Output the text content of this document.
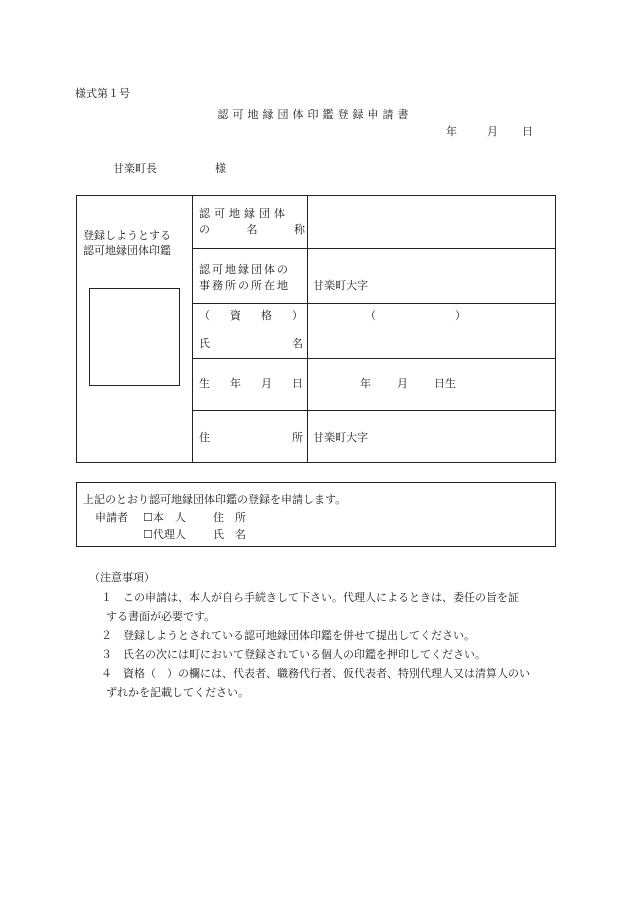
様式第１号
認可地縁団体印鑑登録申請書
年	月 日
甘楽町長	様
登録しようとする
認可地縁団体印鑑
認可地縁団体
の	名	称
認可地縁団体の
事務所の所在地 甘楽町大字
（ 資 格 ）	（　　　　　）
氏	名
生 年 月 日	年 月 日生
住	所 甘楽町大字
上記のとおり認可地縁団体印鑑の登録を申請します。
申請者 ☐本　人 住　所
☐代理人 氏　名
（注意事項）
１　この申請は、本人が自ら手続きして下さい。代理人によるときは、委任の旨を証
する書面が必要です。
２　登録しようとされている認可地縁団体印鑑を併せて提出してください。
３　氏名の次には町において登録されている個人の印鑑を押印してください。
４　資格（　）の欄には、代表者、職務代行者、仮代表者、特別代理人又は清算人のい
ずれかを記載してください。
